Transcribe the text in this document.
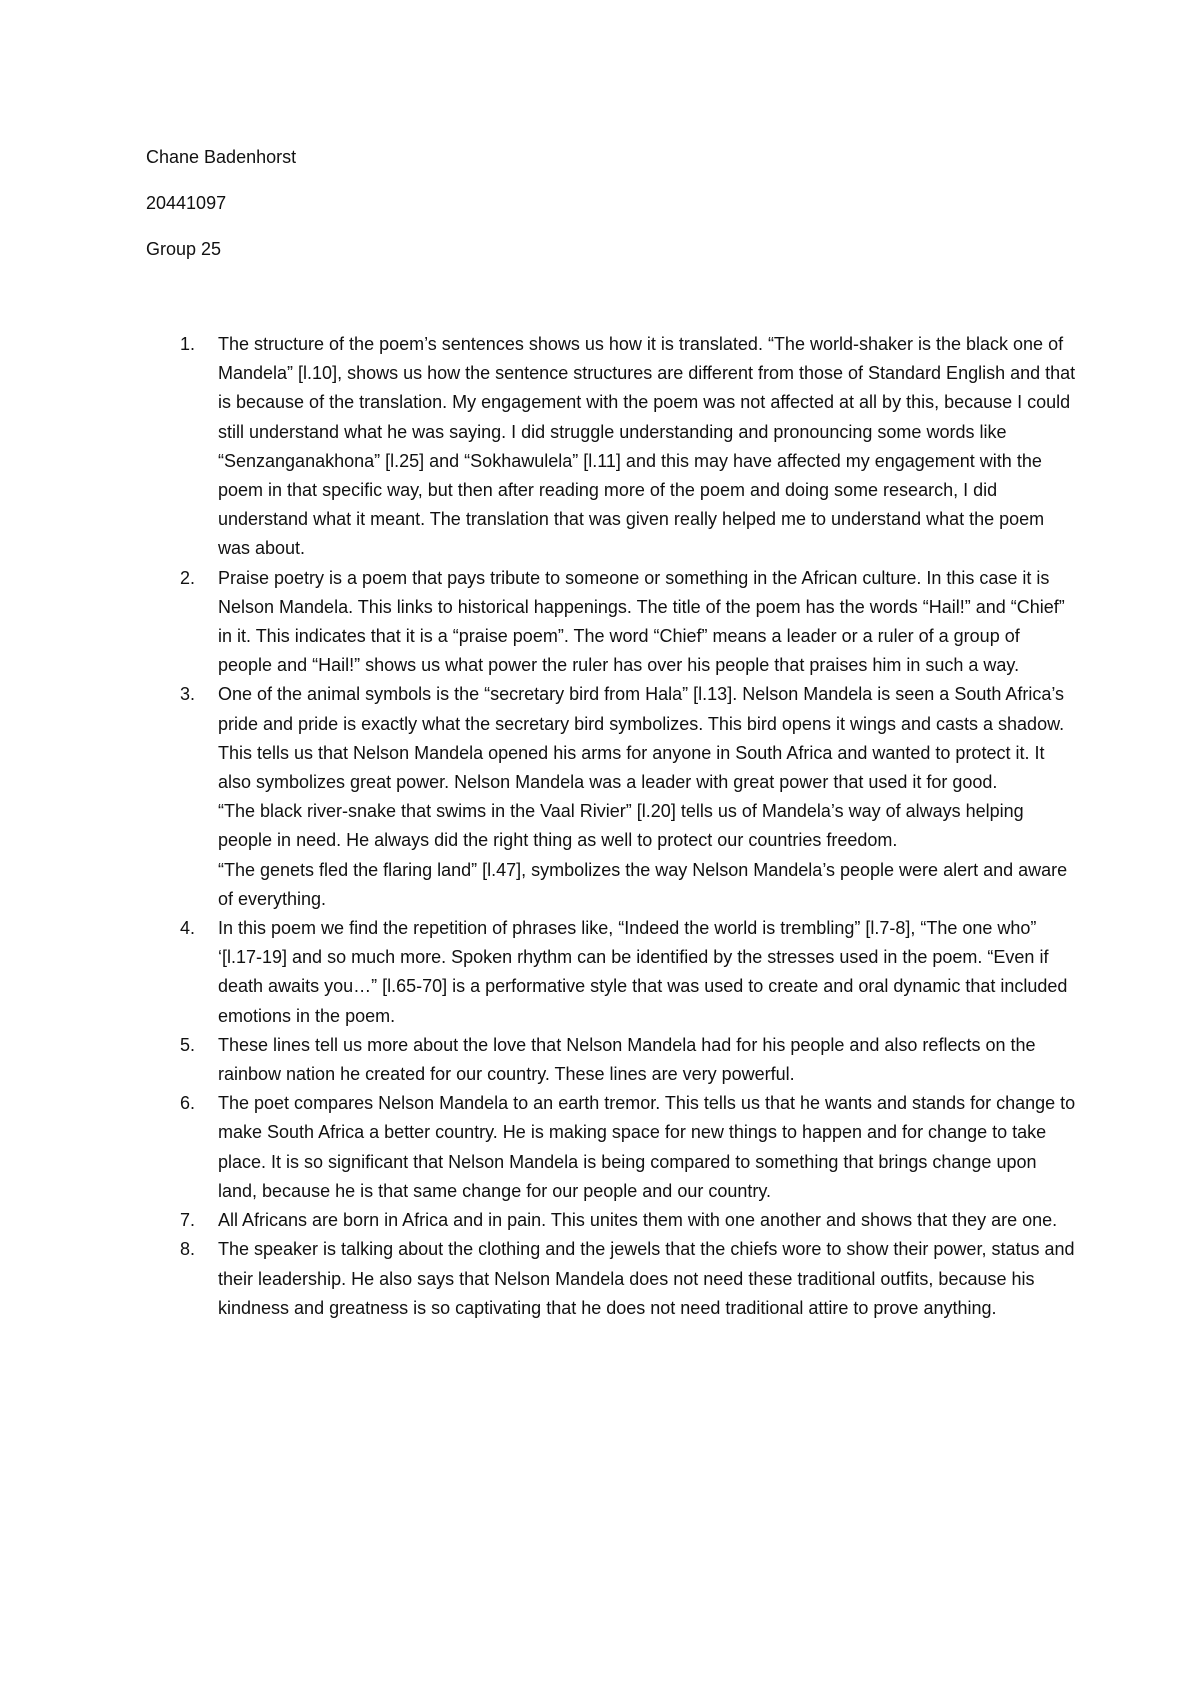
Chane Badenhorst
20441097
Group 25
1. The structure of the poem’s sentences shows us how it is translated. “The world-shaker is the black one of Mandela” [l.10], shows us how the sentence structures are different from those of Standard English and that is because of the translation. My engagement with the poem was not affected at all by this, because I could still understand what he was saying. I did struggle understanding and pronouncing some words like “Senzanganakhona” [l.25] and “Sokhawulela” [l.11] and this may have affected my engagement with the poem in that specific way, but then after reading more of the poem and doing some research, I did understand what it meant. The translation that was given really helped me to understand what the poem was about.

2. Praise poetry is a poem that pays tribute to someone or something in the African culture. In this case it is Nelson Mandela. This links to historical happenings. The title of the poem has the words “Hail!” and “Chief” in it. This indicates that it is a “praise poem”. The word “Chief” means a leader or a ruler of a group of people and “Hail!” shows us what power the ruler has over his people that praises him in such a way.

3. One of the animal symbols is the “secretary bird from Hala” [l.13]. Nelson Mandela is seen a South Africa’s pride and pride is exactly what the secretary bird symbolizes. This bird opens it wings and casts a shadow. This tells us that Nelson Mandela opened his arms for anyone in South Africa and wanted to protect it. It also symbolizes great power. Nelson Mandela was a leader with great power that used it for good.

“The black river-snake that swims in the Vaal Rivier” [l.20] tells us of Mandela’s way of always helping people in need. He always did the right thing as well to protect our countries freedom.

“The genets fled the flaring land” [l.47], symbolizes the way Nelson Mandela’s people were alert and aware of everything.

4. In this poem we find the repetition of phrases like, “Indeed the world is trembling” [l.7-8], “The one who” ‘[l.17-19] and so much more. Spoken rhythm can be identified by the stresses used in the poem. “Even if death awaits you…” [l.65-70] is a performative style that was used to create and oral dynamic that included emotions in the poem.

5. These lines tell us more about the love that Nelson Mandela had for his people and also reflects on the rainbow nation he created for our country. These lines are very powerful.

6. The poet compares Nelson Mandela to an earth tremor. This tells us that he wants and stands for change to make South Africa a better country. He is making space for new things to happen and for change to take place. It is so significant that Nelson Mandela is being compared to something that brings change upon land, because he is that same change for our people and our country.

7. All Africans are born in Africa and in pain. This unites them with one another and shows that they are one.

8. The speaker is talking about the clothing and the jewels that the chiefs wore to show their power, status and their leadership. He also says that Nelson Mandela does not need these traditional outfits, because his kindness and greatness is so captivating that he does not need traditional attire to prove anything.
